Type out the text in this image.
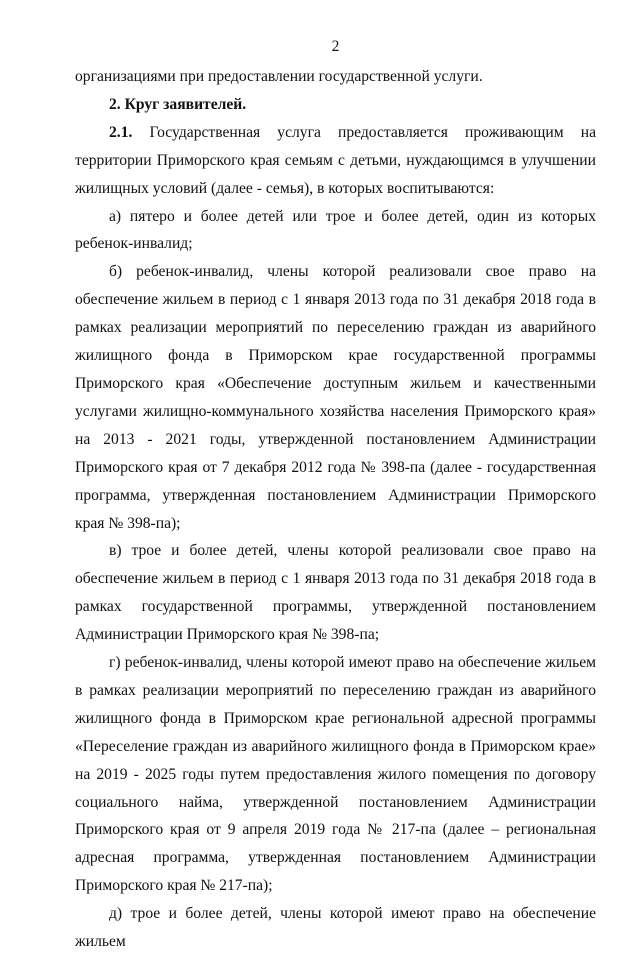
2

организациями при предоставлении государственной услуги.

2. Круг заявителей.

2.1. Государственная услуга предоставляется проживающим на территории Приморского края семьям с детьми, нуждающимся в улучшении жилищных условий (далее - семья), в которых воспитываются:

а) пятеро и более детей или трое и более детей, один из которых ребенок-инвалид;

б) ребенок-инвалид, члены которой реализовали свое право на обеспечение жильем в период с 1 января 2013 года по 31 декабря 2018 года в рамках реализации мероприятий по переселению граждан из аварийного жилищного фонда в Приморском крае государственной программы Приморского края «Обеспечение доступным жильем и качественными услугами жилищно-коммунального хозяйства населения Приморского края» на 2013 - 2021 годы, утвержденной постановлением Администрации Приморского края от 7 декабря 2012 года № 398-па (далее - государственная программа, утвержденная постановлением Администрации Приморского края № 398-па);

в) трое и более детей, члены которой реализовали свое право на обеспечение жильем в период с 1 января 2013 года по 31 декабря 2018 года в рамках государственной программы, утвержденной постановлением Администрации Приморского края № 398-па;

г) ребенок-инвалид, члены которой имеют право на обеспечение жильем в рамках реализации мероприятий по переселению граждан из аварийного жилищного фонда в Приморском крае региональной адресной программы «Переселение граждан из аварийного жилищного фонда в Приморском крае» на 2019 - 2025 годы путем предоставления жилого помещения по договору социального найма, утвержденной постановлением Администрации Приморского края от 9 апреля 2019 года № 217-па (далее – региональная адресная программа, утвержденная постановлением Администрации Приморского края № 217-па);

д) трое и более детей, члены которой имеют право на обеспечение жильем
